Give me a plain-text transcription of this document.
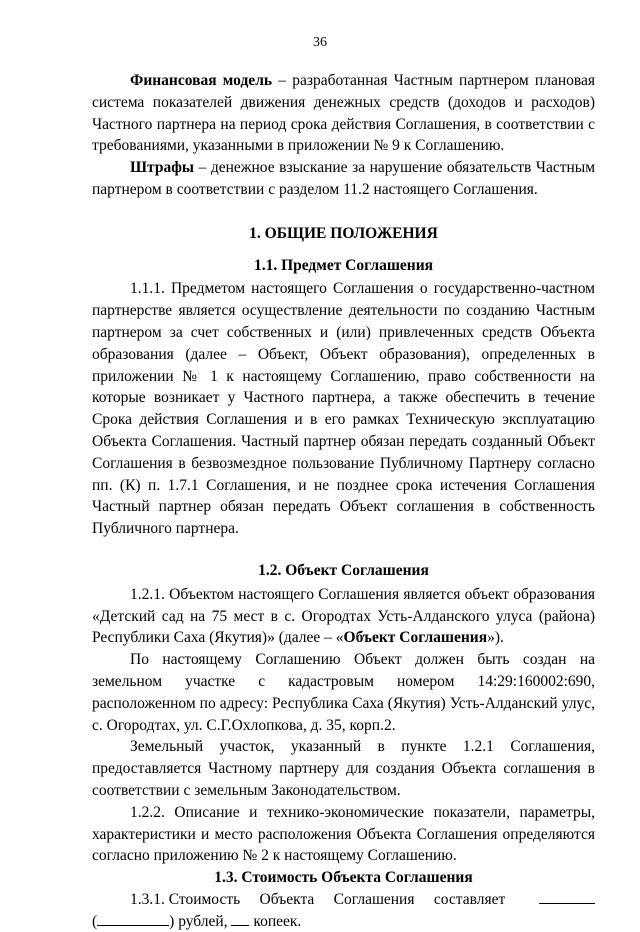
36

Финансовая модель – разработанная Частным партнером плановая система показателей движения денежных средств (доходов и расходов) Частного партнера на период срока действия Соглашения, в соответствии с требованиями, указанными в приложении № 9 к Соглашению.

Штрафы – денежное взыскание за нарушение обязательств Частным партнером в соответствии с разделом 11.2 настоящего Соглашения.

1. ОБЩИЕ ПОЛОЖЕНИЯ

1.1. Предмет Соглашения

1.1.1. Предметом настоящего Соглашения о государственно-частном партнерстве является осуществление деятельности по созданию Частным партнером за счет собственных и (или) привлеченных средств Объекта образования (далее – Объект, Объект образования), определенных в приложении № 1 к настоящему Соглашению, право собственности на которые возникает у Частного партнера, а также обеспечить в течение Срока действия Соглашения и в его рамках Техническую эксплуатацию Объекта Соглашения. Частный партнер обязан передать созданный Объект Соглашения в безвозмездное пользование Публичному Партнеру согласно пп. (К) п. 1.7.1 Соглашения, и не позднее срока истечения Соглашения Частный партнер обязан передать Объект соглашения в собственность Публичного партнера.

1.2. Объект Соглашения

1.2.1. Объектом настоящего Соглашения является объект образования «Детский сад на 75 мест в с. Огородтах Усть-Алданского улуса (района) Республики Саха (Якутия)» (далее – «Объект Соглашения»).

По настоящему Соглашению Объект должен быть создан на земельном участке с кадастровым номером 14:29:160002:690, расположенном по адресу: Республика Саха (Якутия) Усть-Алданский улус, с. Огородтах, ул. С.Г.Охлопкова, д. 35, корп.2.

Земельный участок, указанный в пункте 1.2.1 Соглашения, предоставляется Частному партнеру для создания Объекта соглашения в соответствии с земельным Законодательством.

1.2.2. Описание и технико-экономические показатели, параметры, характеристики и место расположения Объекта Соглашения определяются согласно приложению № 2 к настоящему Соглашению.

1.3. Стоимость Объекта Соглашения

1.3.1. Стоимость     Объекта     Соглашения     составляет

(	) рублей,  копеек.
